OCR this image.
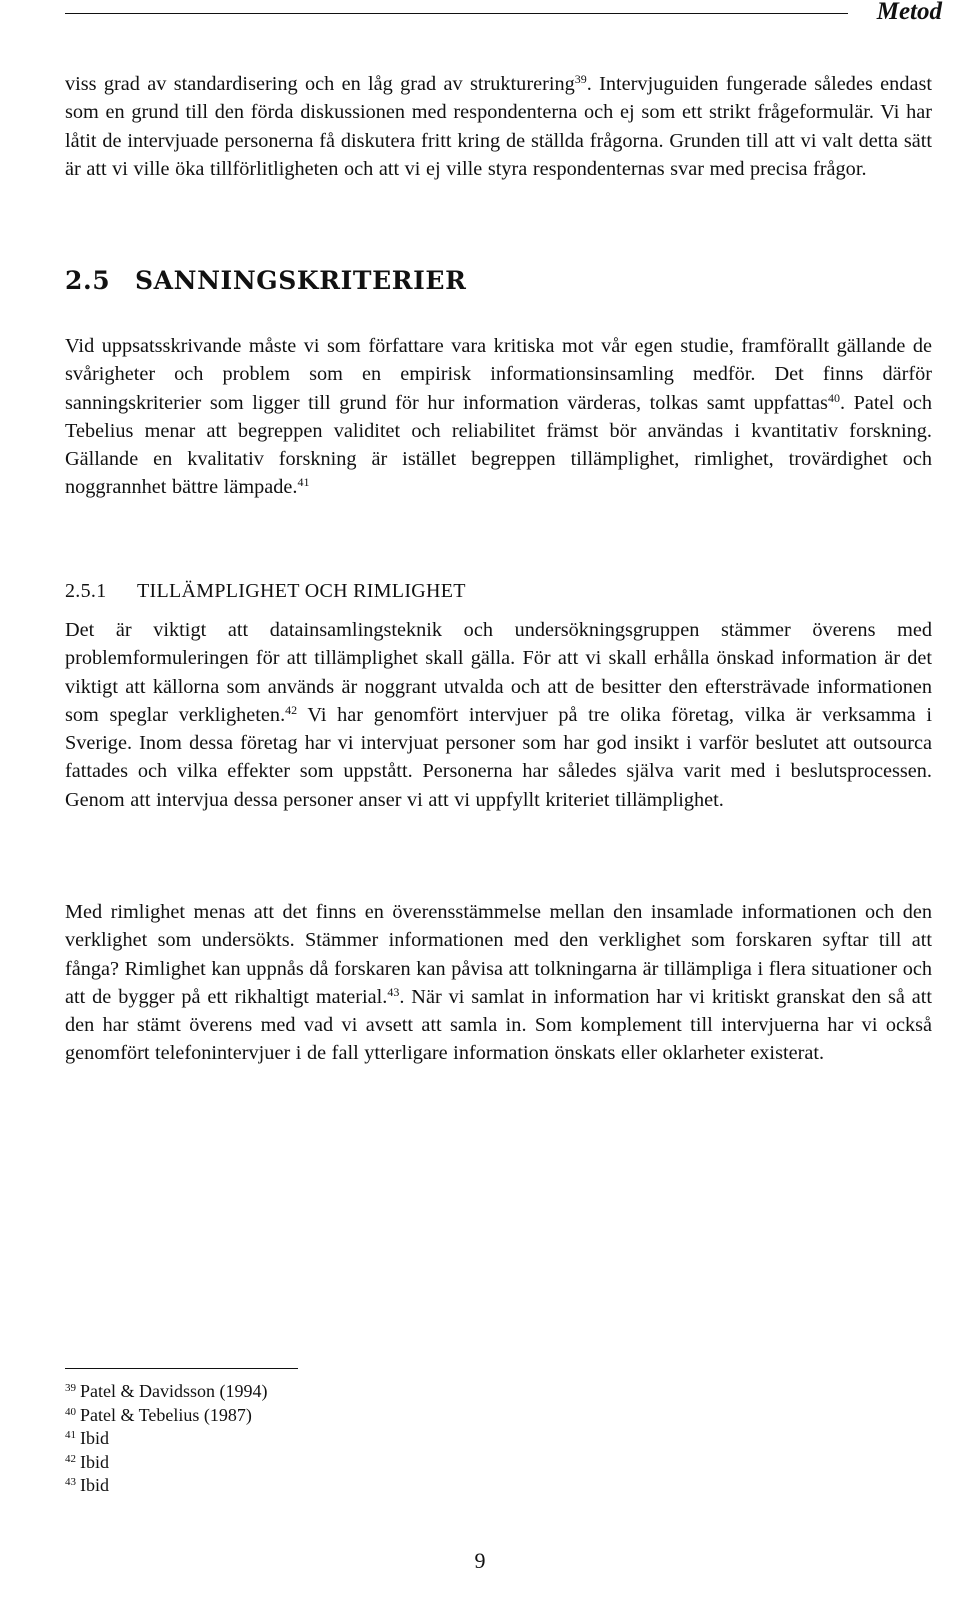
Metod

viss grad av standardisering och en låg grad av strukturering$^{39}$. Intervjuguiden fungerade således endast som en grund till den förda diskussionen med respondenterna och ej som ett strikt frågeformulär. Vi har låtit de intervjuade personerna få diskutera fritt kring de ställda frågorna. Grunden till att vi valt detta sätt är att vi ville öka tillförlitligheten och att vi ej ville styra respondenternas svar med precisa frågor.

2.5 SANNINGSKRITERIER

Vid uppsatsskrivande måste vi som författare vara kritiska mot vår egen studie, framförallt gällande de svårigheter och problem som en empirisk informationsinsamling medför. Det finns därför sanningskriterier som ligger till grund för hur information värderas, tolkas samt uppfattas$^{40}$. Patel och Tebelius menar att begreppen validitet och reliabilitet främst bör användas i kvantitativ forskning. Gällande en kvalitativ forskning är istället begreppen tillämplighet, rimlighet, trovärdighet och noggrannhet bättre lämpade.$^{41}$

2.5.1 TILLÄMPLIGHET OCH RIMLIGHET

Det är viktigt att datainsamlingsteknik och undersökningsgruppen stämmer överens med problemformuleringen för att tillämplighet skall gälla. För att vi skall erhålla önskad information är det viktigt att källorna som används är noggrant utvalda och att de besitter den eftersträvade informationen som speglar verkligheten.$^{42}$ Vi har genomfört intervjuer på tre olika företag, vilka är verksamma i Sverige. Inom dessa företag har vi intervjuat personer som har god insikt i varför beslutet att outsourca fattades och vilka effekter som uppstått. Personerna har således själva varit med i beslutsprocessen. Genom att intervjua dessa personer anser vi att vi uppfyllt kriteriet tillämplighet.

Med rimlighet menas att det finns en överensstämmelse mellan den insamlade informationen och den verklighet som undersökts. Stämmer informationen med den verklighet som forskaren syftar till att fånga? Rimlighet kan uppnås då forskaren kan påvisa att tolkningarna är tillämpliga i flera situationer och att de bygger på ett rikhaltigt material.$^{43}$. När vi samlat in information har vi kritiskt granskat den så att den har stämt överens med vad vi avsett att samla in. Som komplement till intervjuerna har vi också genomfört telefonintervjuer i de fall ytterligare information önskats eller oklarheter existerat.

$^{39}$ Patel & Davidsson (1994)
$^{40}$ Patel & Tebelius (1987)
$^{41}$ Ibid
$^{42}$ Ibid
$^{43}$ Ibid
9
